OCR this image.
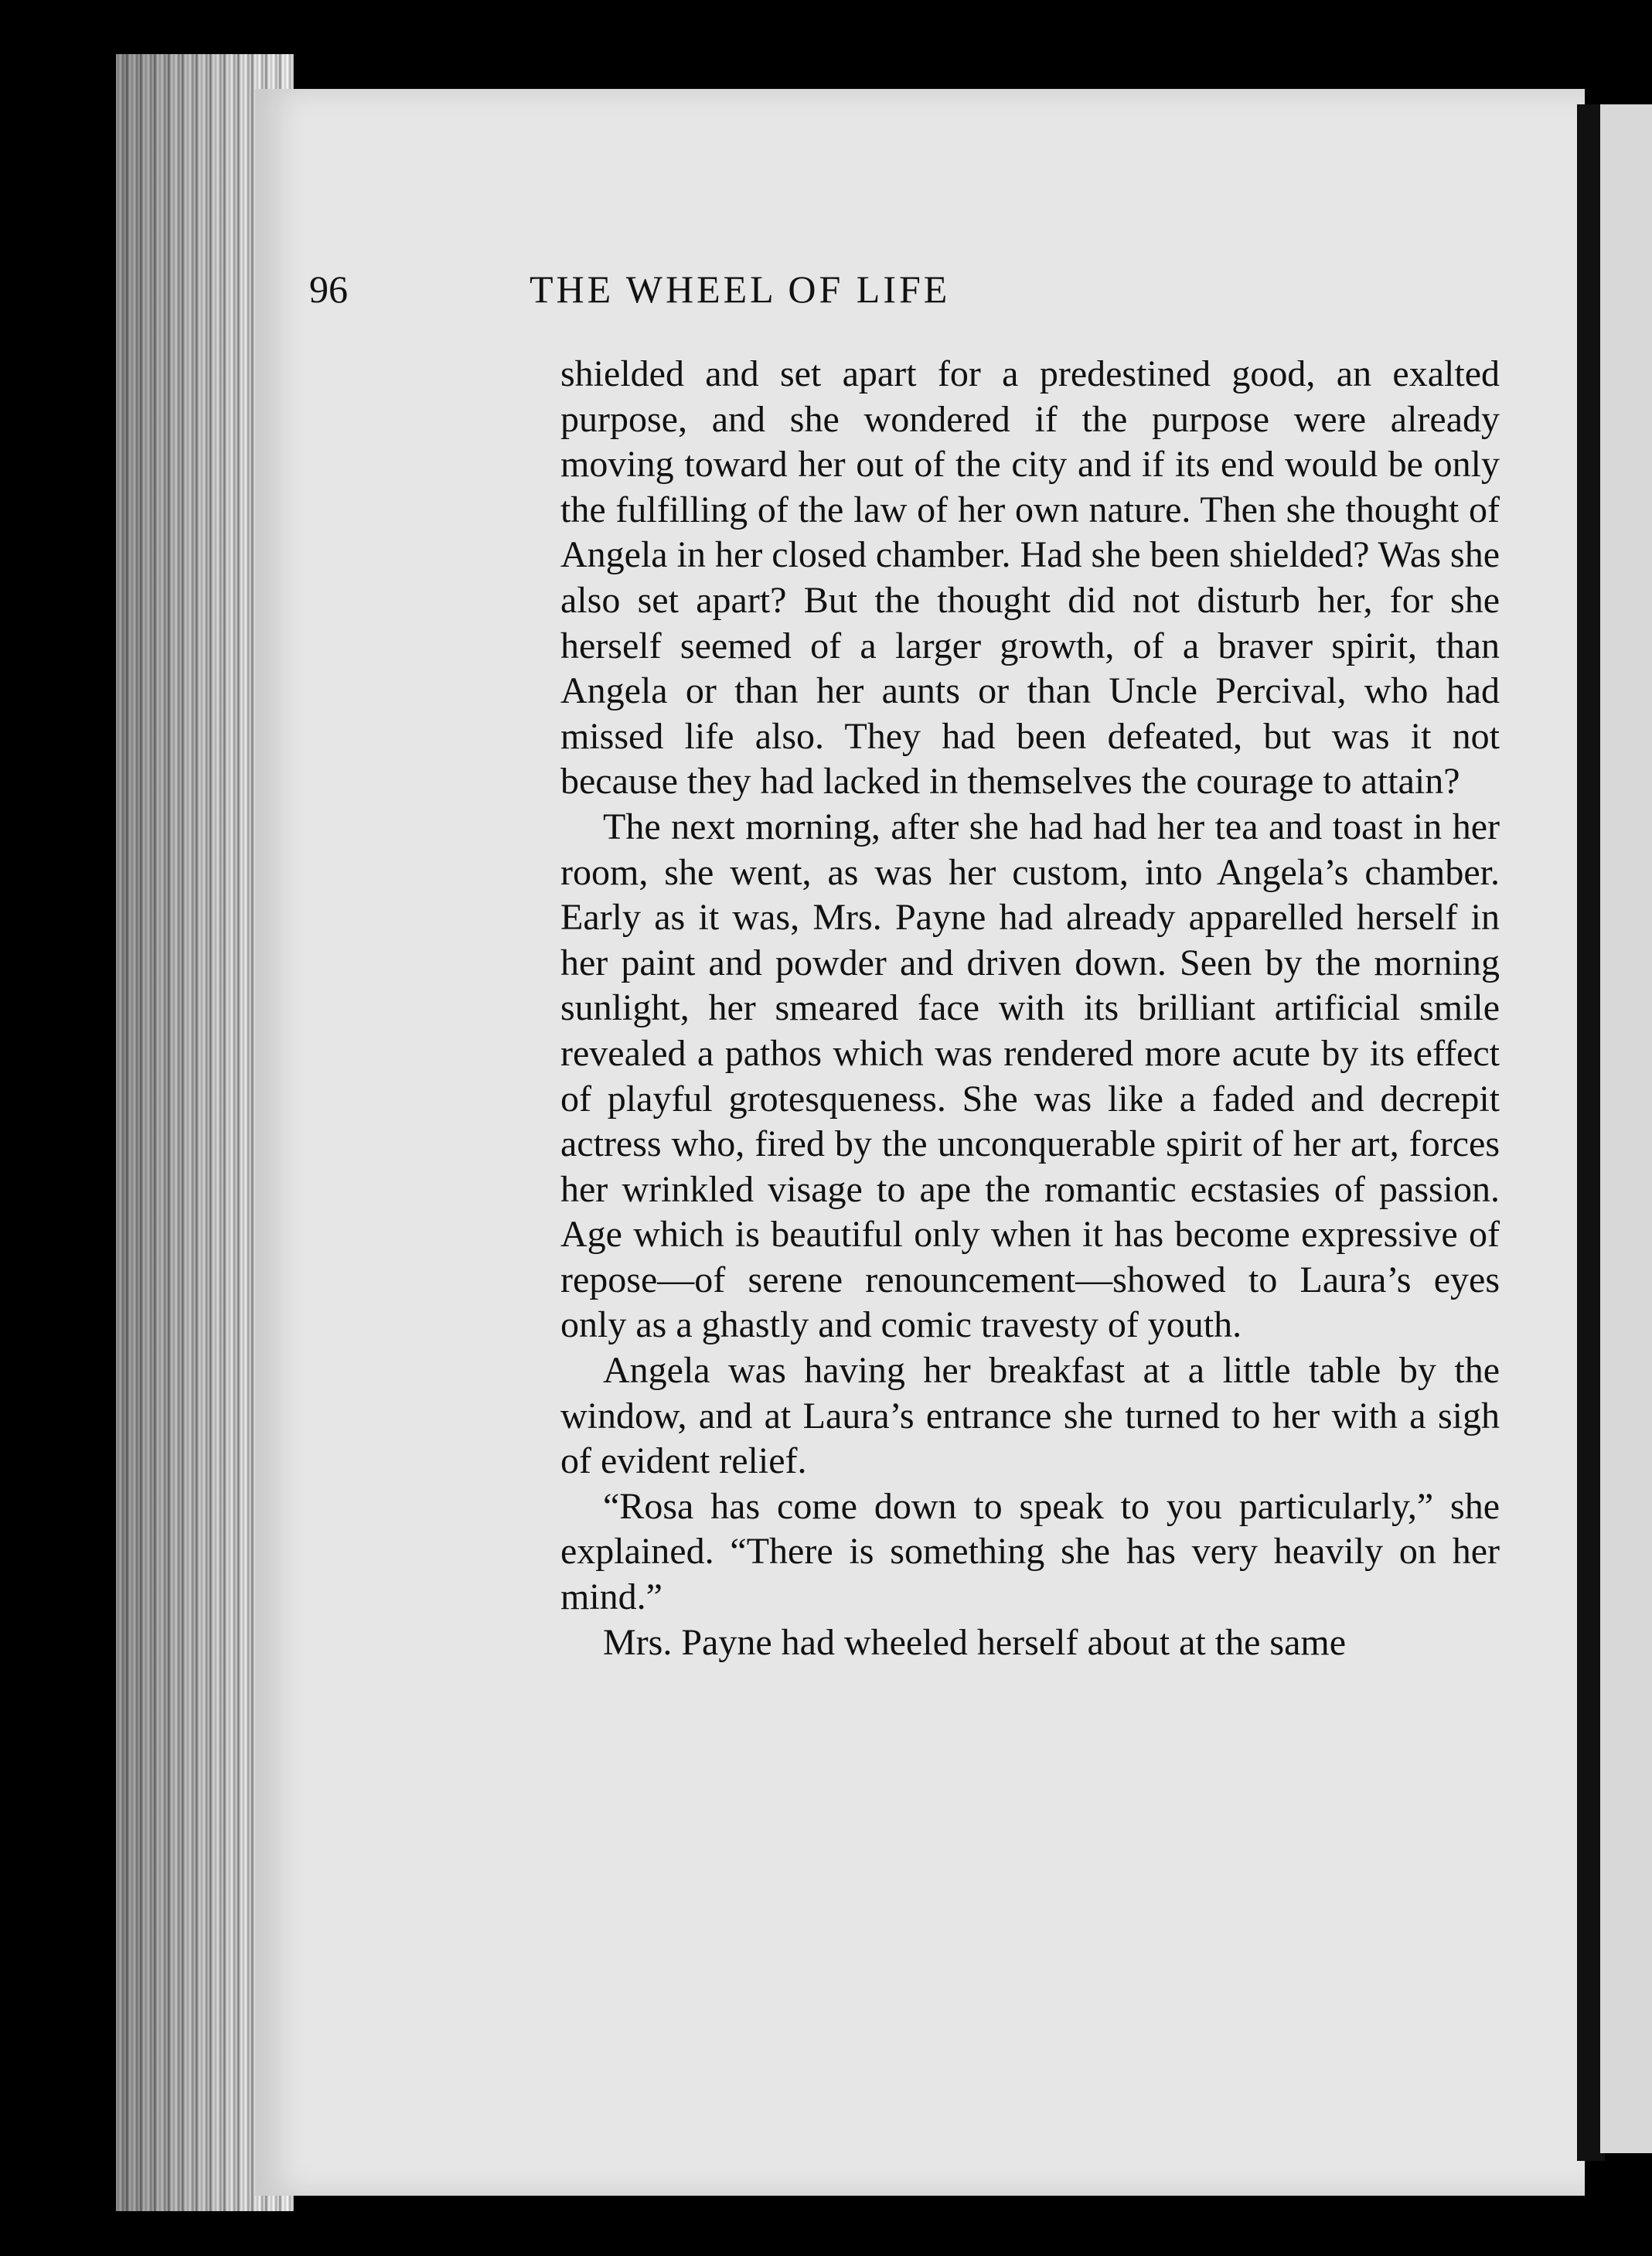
96	THE WHEEL OF LIFE

shielded and set apart for a predestined good, an exalted purpose, and she wondered if the purpose were already moving toward her out of the city and if its end would be only the fulfilling of the law of her own nature. Then she thought of Angela in her closed chamber. Had she been shielded? Was she also set apart? But the thought did not disturb her, for she herself seemed of a larger growth, of a braver spirit, than Angela or than her aunts or than Uncle Percival, who had missed life also. They had been defeated, but was it not because they had lacked in themselves the courage to attain?

The next morning, after she had had her tea and toast in her room, she went, as was her custom, into Angela’s chamber. Early as it was, Mrs. Payne had already apparelled herself in her paint and powder and driven down. Seen by the morning sunlight, her smeared face with its brilliant artificial smile revealed a pathos which was rendered more acute by its effect of playful grotesqueness. She was like a faded and decrepit actress who, fired by the unconquerable spirit of her art, forces her wrinkled visage to ape the romantic ecstasies of passion. Age which is beautiful only when it has become expressive of repose—of serene renouncement—showed to Laura’s eyes only as a ghastly and comic travesty of youth.

Angela was having her breakfast at a little table by the window, and at Laura’s entrance she turned to her with a sigh of evident relief.

“Rosa has come down to speak to you particularly,” she explained. “There is something she has very heavily on her mind.”

Mrs. Payne had wheeled herself about at the same
